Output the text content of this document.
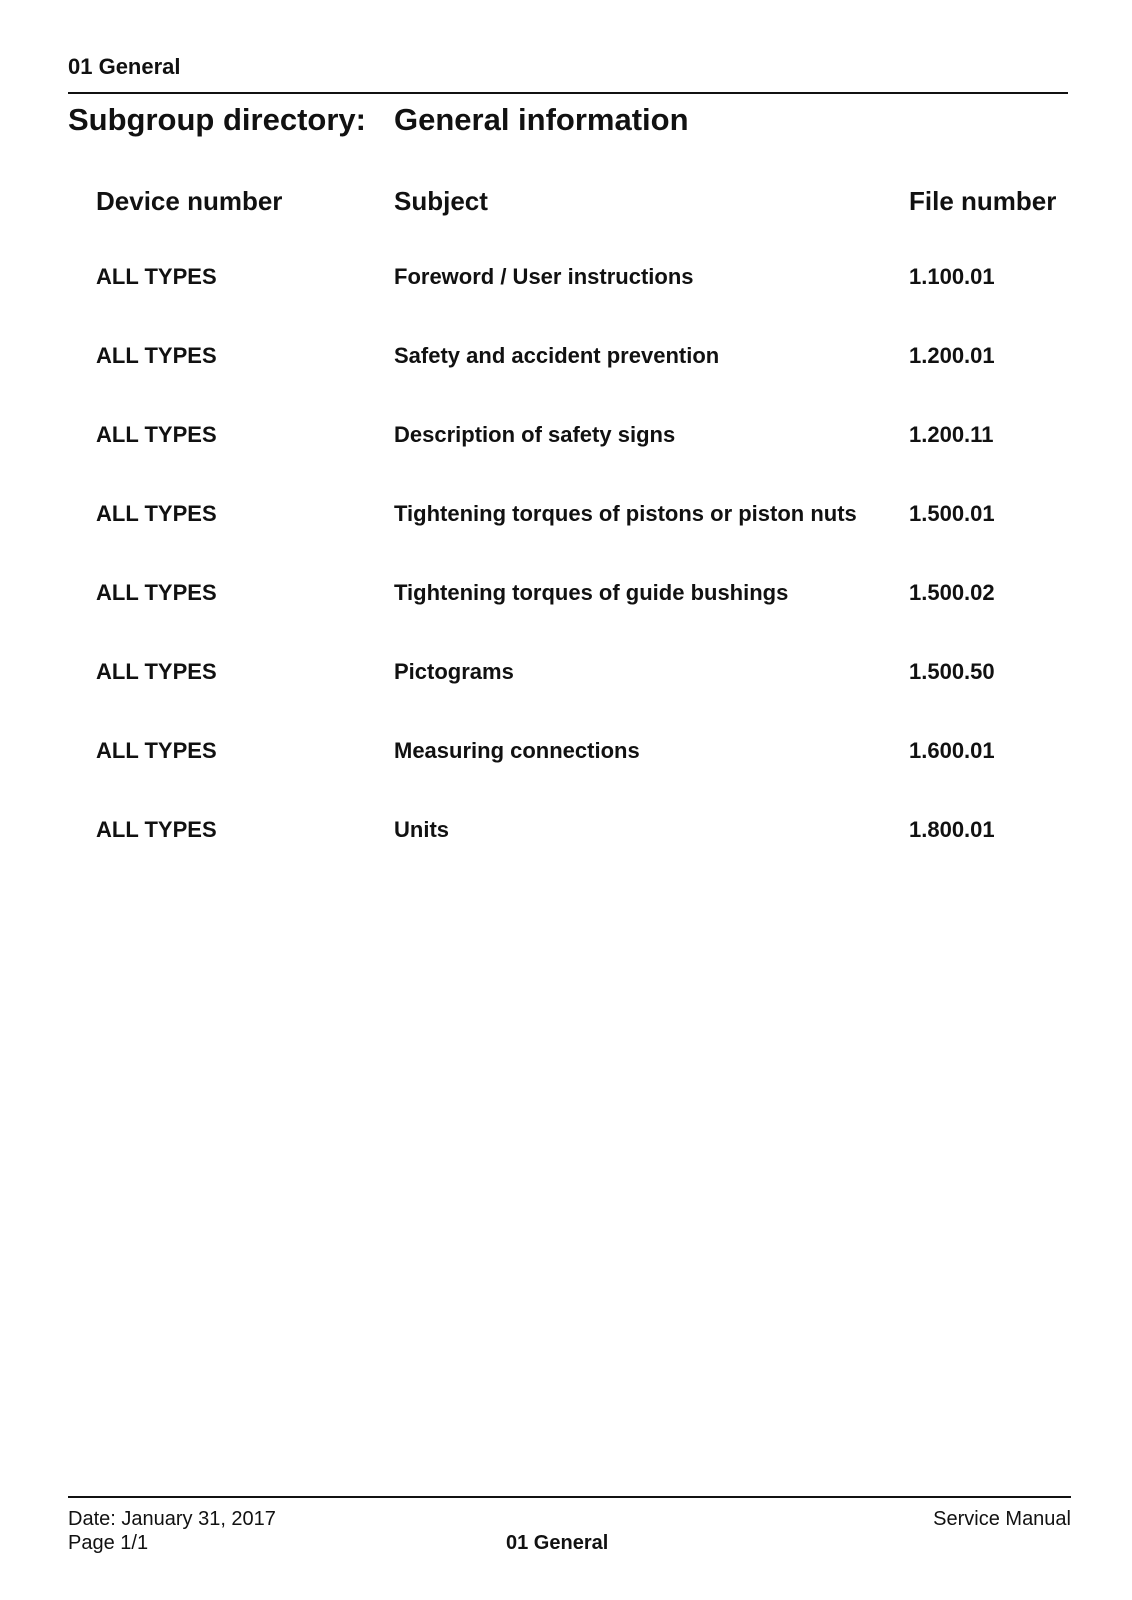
01 General
Subgroup directory: General information
Device number	Subject	File number
ALL TYPES	Foreword / User instructions	1.100.01
ALL TYPES	Safety and accident prevention	1.200.01
ALL TYPES	Description of safety signs	1.200.11
ALL TYPES	Tightening torques of pistons or piston nuts 1.500.01
ALL TYPES	Tightening torques of guide bushings	1.500.02
ALL TYPES	Pictograms	1.500.50
ALL TYPES	Measuring connections	1.600.01
ALL TYPES	Units	1.800.01
Date: January 31, 2017
Page 1/1	01 General
Service Manual
